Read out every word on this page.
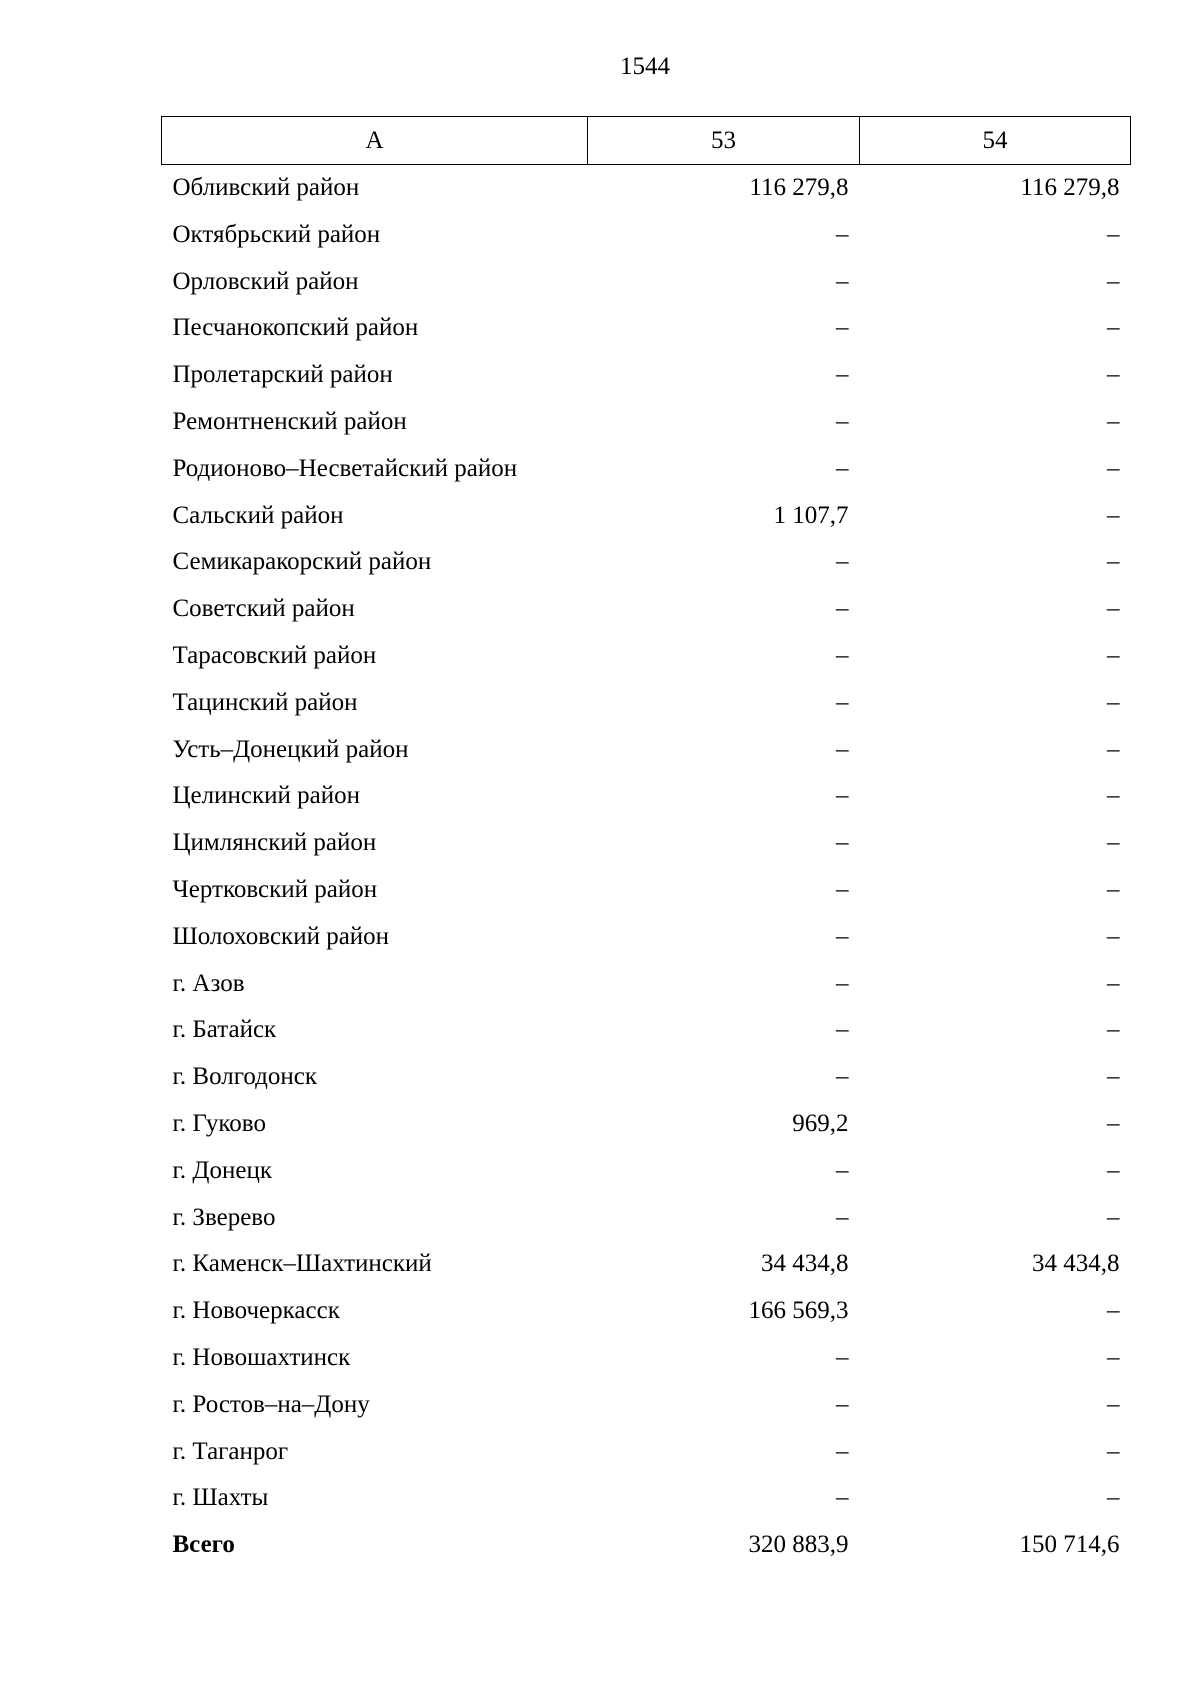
1544
А	53	54
Обливский район	116 279,8	116 279,8
Октябрьский район	–	–
Орловский район	–	–
Песчанокопский район	–	–
Пролетарский район	–	–
Ремонтненский район	–	–
Родионово–Несветайский район	–	–
Сальский район	1 107,7	–
Семикаракорский район	–	–
Советский район	–	–
Тарасовский район	–	–
Тацинский район	–	–
Усть–Донецкий район	–	–
Целинский район	–	–
Цимлянский район	–	–
Чертковский район	–	–
Шолоховский район	–	–
г. Азов	–	–
г. Батайск	–	–
г. Волгодонск	–	–
г. Гуково	969,2	–
г. Донецк	–	–
г. Зверево	–	–
г. Каменск–Шахтинский	34 434,8	34 434,8
г. Новочеркасск	166 569,3	–
г. Новошахтинск	–	–
г. Ростов–на–Дону	–	–
г. Таганрог	–	–
г. Шахты	–	–
Всего	320 883,9	150 714,6
